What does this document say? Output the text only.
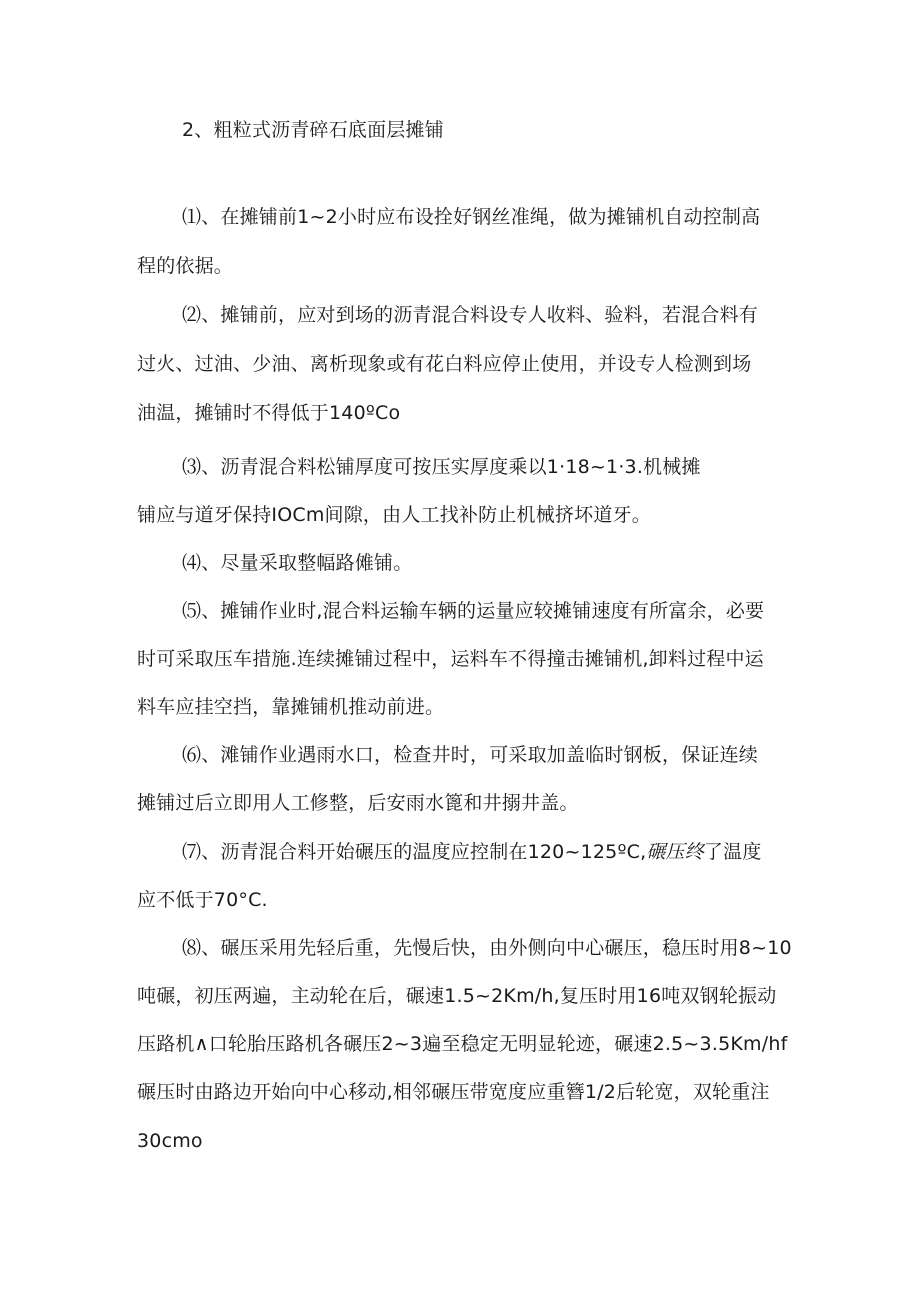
2、粗粒式沥青碎石底面层摊铺
⑴、在摊铺前1~2小时应布设拴好钢丝准绳，做为摊铺机自动控制高
程的依据。
⑵、摊铺前，应对到场的沥青混合料设专人收料、验料，若混合料有
过火、过油、少油、离析现象或有花白料应停止使用，并设专人检测到场
油温，摊铺时不得低于140ºCo
⑶、沥青混合料松铺厚度可按压实厚度乘以1·18~1·3.机械摊
铺应与道牙保持IOCm间隙，由人工找补防止机械挤坏道牙。
⑷、尽量采取整幅路傩铺。
⑸、摊铺作业时,混合料运输车辆的运量应较摊铺速度有所富余，必要
时可采取压车措施.连续摊铺过程中，运料车不得撞击摊铺机,卸料过程中运
料车应挂空挡，靠摊铺机推动前进。
⑹、滩铺作业遇雨水口，检查井时，可采取加盖临时钢板，保证连续
摊铺过后立即用人工修整，后安雨水篦和井搦井盖。
⑺、沥青混合料开始碾压的温度应控制在120~125ºC,碾压终了温度
应不低于70°C.
⑻、碾压采用先轻后重，先慢后快，由外侧向中心碾压，稳压时用8~10
吨碾，初压两遍，主动轮在后，碾速1.5~2Km∕h,复压时用16吨双钢轮振动
压路机∧口轮胎压路机各碾压2~3遍至稳定无明显轮迹，碾速2.5~3.5Km∕hf
碾压时由路边开始向中心移动,相邻碾压带宽度应重簪1/2后轮宽，双轮重注
30cmo
